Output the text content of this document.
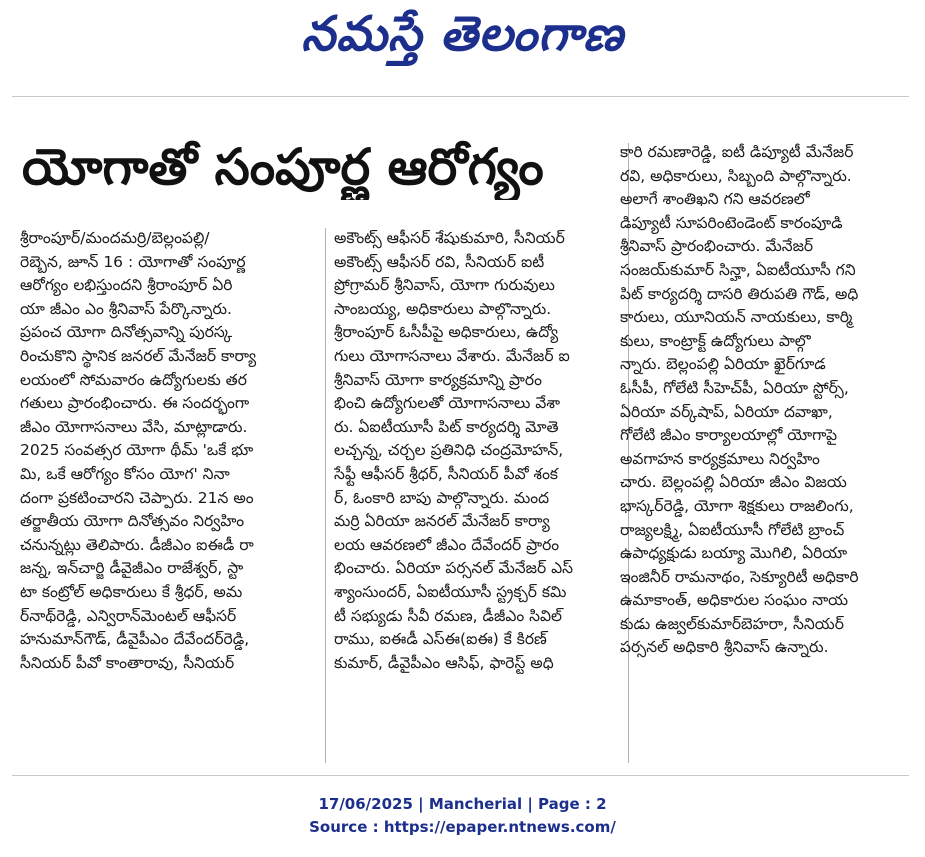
నమస్తే తెలంగాణ
యోగాతో సంపూర్ణ ఆరోగ్యం
శ్రీరాంపూర్/మందమర్రి/బెల్లంపల్లి/
రెబ్బెన, జూన్ 16 : యోగాతో సంపూర్ణ
ఆరోగ్యం లభిస్తుందని శ్రీరాంపూర్ ఏరి
యా జీఎం ఎం శ్రీనివాస్ పేర్కొన్నారు.
ప్రపంచ యోగా దినోత్సవాన్ని పురస్క
రించుకొని స్థానిక జనరల్ మేనేజర్ కార్యా
లయంలో సోమవారం ఉద్యోగులకు తర
గతులు ప్రారంభించారు. ఈ సందర్భంగా
జీఎం యోగాసనాలు వేసి, మాట్లాడారు.
2025 సంవత్సర యోగా థీమ్ 'ఒకే భూ
మి, ఒకే ఆరోగ్యం కోసం యోగ' నినా
దంగా ప్రకటించారని చెప్పారు. 21న అం
తర్జాతీయ యోగా దినోత్సవం నిర్వహిం
చనున్నట్లు తెలిపారు. డీజీఎం ఐఈడీ రా
జన్న, ఇన్‌చార్జి డీవైజీఎం రాజేశ్వర్, స్టా
టా కంట్రోల్ అధికారులు కే శ్రీధర్, అమ
ర్‌నాథ్‌రెడ్డి, ఎన్విరాన్‌మెంటల్ ఆఫీసర్
హనుమాన్‌గౌడ్, డీవైపీఎం దేవేందర్‌రెడ్డి,
సీనియర్ పీవో కాంతారావు, సీనియర్
అకౌంట్స్ ఆఫీసర్ శేషుకుమారి, సీనియర్
అకౌంట్స్ ఆఫీసర్ రవి, సీనియర్ ఐటీ
ప్రోగ్రామర్ శ్రీనివాస్, యోగా గురువులు
సాంబయ్య, అధికారులు పాల్గొన్నారు.
శ్రీరాంపూర్ ఓసీపీపై అధికారులు, ఉద్యో
గులు యోగాసనాలు వేశారు. మేనేజర్ ఐ
శ్రీనివాస్ యోగా కార్యక్రమాన్ని ప్రారం
భించి ఉద్యోగులతో యోగాసనాలు వేశా
రు. ఏఐటీయూసీ పిట్ కార్యదర్శి మోతె
లచ్చన్న, చర్చల ప్రతినిధి చంద్రమోహన్,
సేఫ్టీ ఆఫీసర్ శ్రీధర్, సీనియర్ పీవో శంక
ర్, ఓంకారి బాపు పాల్గొన్నారు. మంద
మర్రి ఏరియా జనరల్ మేనేజర్ కార్యా
లయ ఆవరణలో జీఎం దేవేందర్ ప్రారం
భించారు. ఏరియా పర్సనల్ మేనేజర్ ఎస్
శ్యాంసుందర్, ఏఐటీయూసీ స్ట్రక్చర్ కమి
టీ సభ్యుడు సీవీ రమణ, డీజీఎం సివిల్
రాము, ఐఈడీ ఎస్ఈ(ఐఈ) కే కిరణ్
కుమార్, డీవైపీఎం ఆసిఫ్, ఫారెస్ట్ అధి
కారి రమణారెడ్డి, ఐటీ డిప్యూటీ మేనేజర్
రవి, అధికారులు, సిబ్బంది పాల్గొన్నారు.
అలాగే శాంతిఖని గని ఆవరణలో
డిప్యూటీ సూపరింటెండెంట్ కారంపూడి
శ్రీనివాస్ ప్రారంభించారు. మేనేజర్
సంజయ్‌కుమార్ సిన్హా, ఏఐటీయూసీ గని
పిట్ కార్యదర్శి దాసరి తిరుపతి గౌడ్, అధి
కారులు, యూనియన్ నాయకులు, కార్మి
కులు, కాంట్రాక్ట్ ఉద్యోగులు పాల్గొ
న్నారు. బెల్లంపల్లి ఏరియా ఖైర్‌గూడ
ఓసీపీ, గోలేటి సీహెచ్‌పీ, ఏరియా స్టోర్స్,
ఏరియా వర్క్‌షాప్, ఏరియా దవాఖా,
గోలేటి జీఎం కార్యాలయాల్లో యోగాపై
అవగాహన కార్యక్రమాలు నిర్వహిం
చారు. బెల్లంపల్లి ఏరియా జీఎం విజయ
భాస్కర్‌రెడ్డి, యోగా శిక్షకులు రాజలింగు,
రాజ్యలక్ష్మి, ఏఐటీయూసీ గోలేటి బ్రాంచ్
ఉపాధ్యక్షుడు బయ్యా మొగిలి, ఏరియా
ఇంజినీర్ రామనాథం, సెక్యూరిటీ అధికారి
ఉమాకాంత్, అధికారుల సంఘం నాయ
కుడు ఉజ్వల్‌కుమార్‌బెహరా, సీనియర్
పర్సనల్ అధికారి శ్రీనివాస్ ఉన్నారు.
17/06/2025 | Mancherial | Page : 2
Source : https://epaper.ntnews.com/
